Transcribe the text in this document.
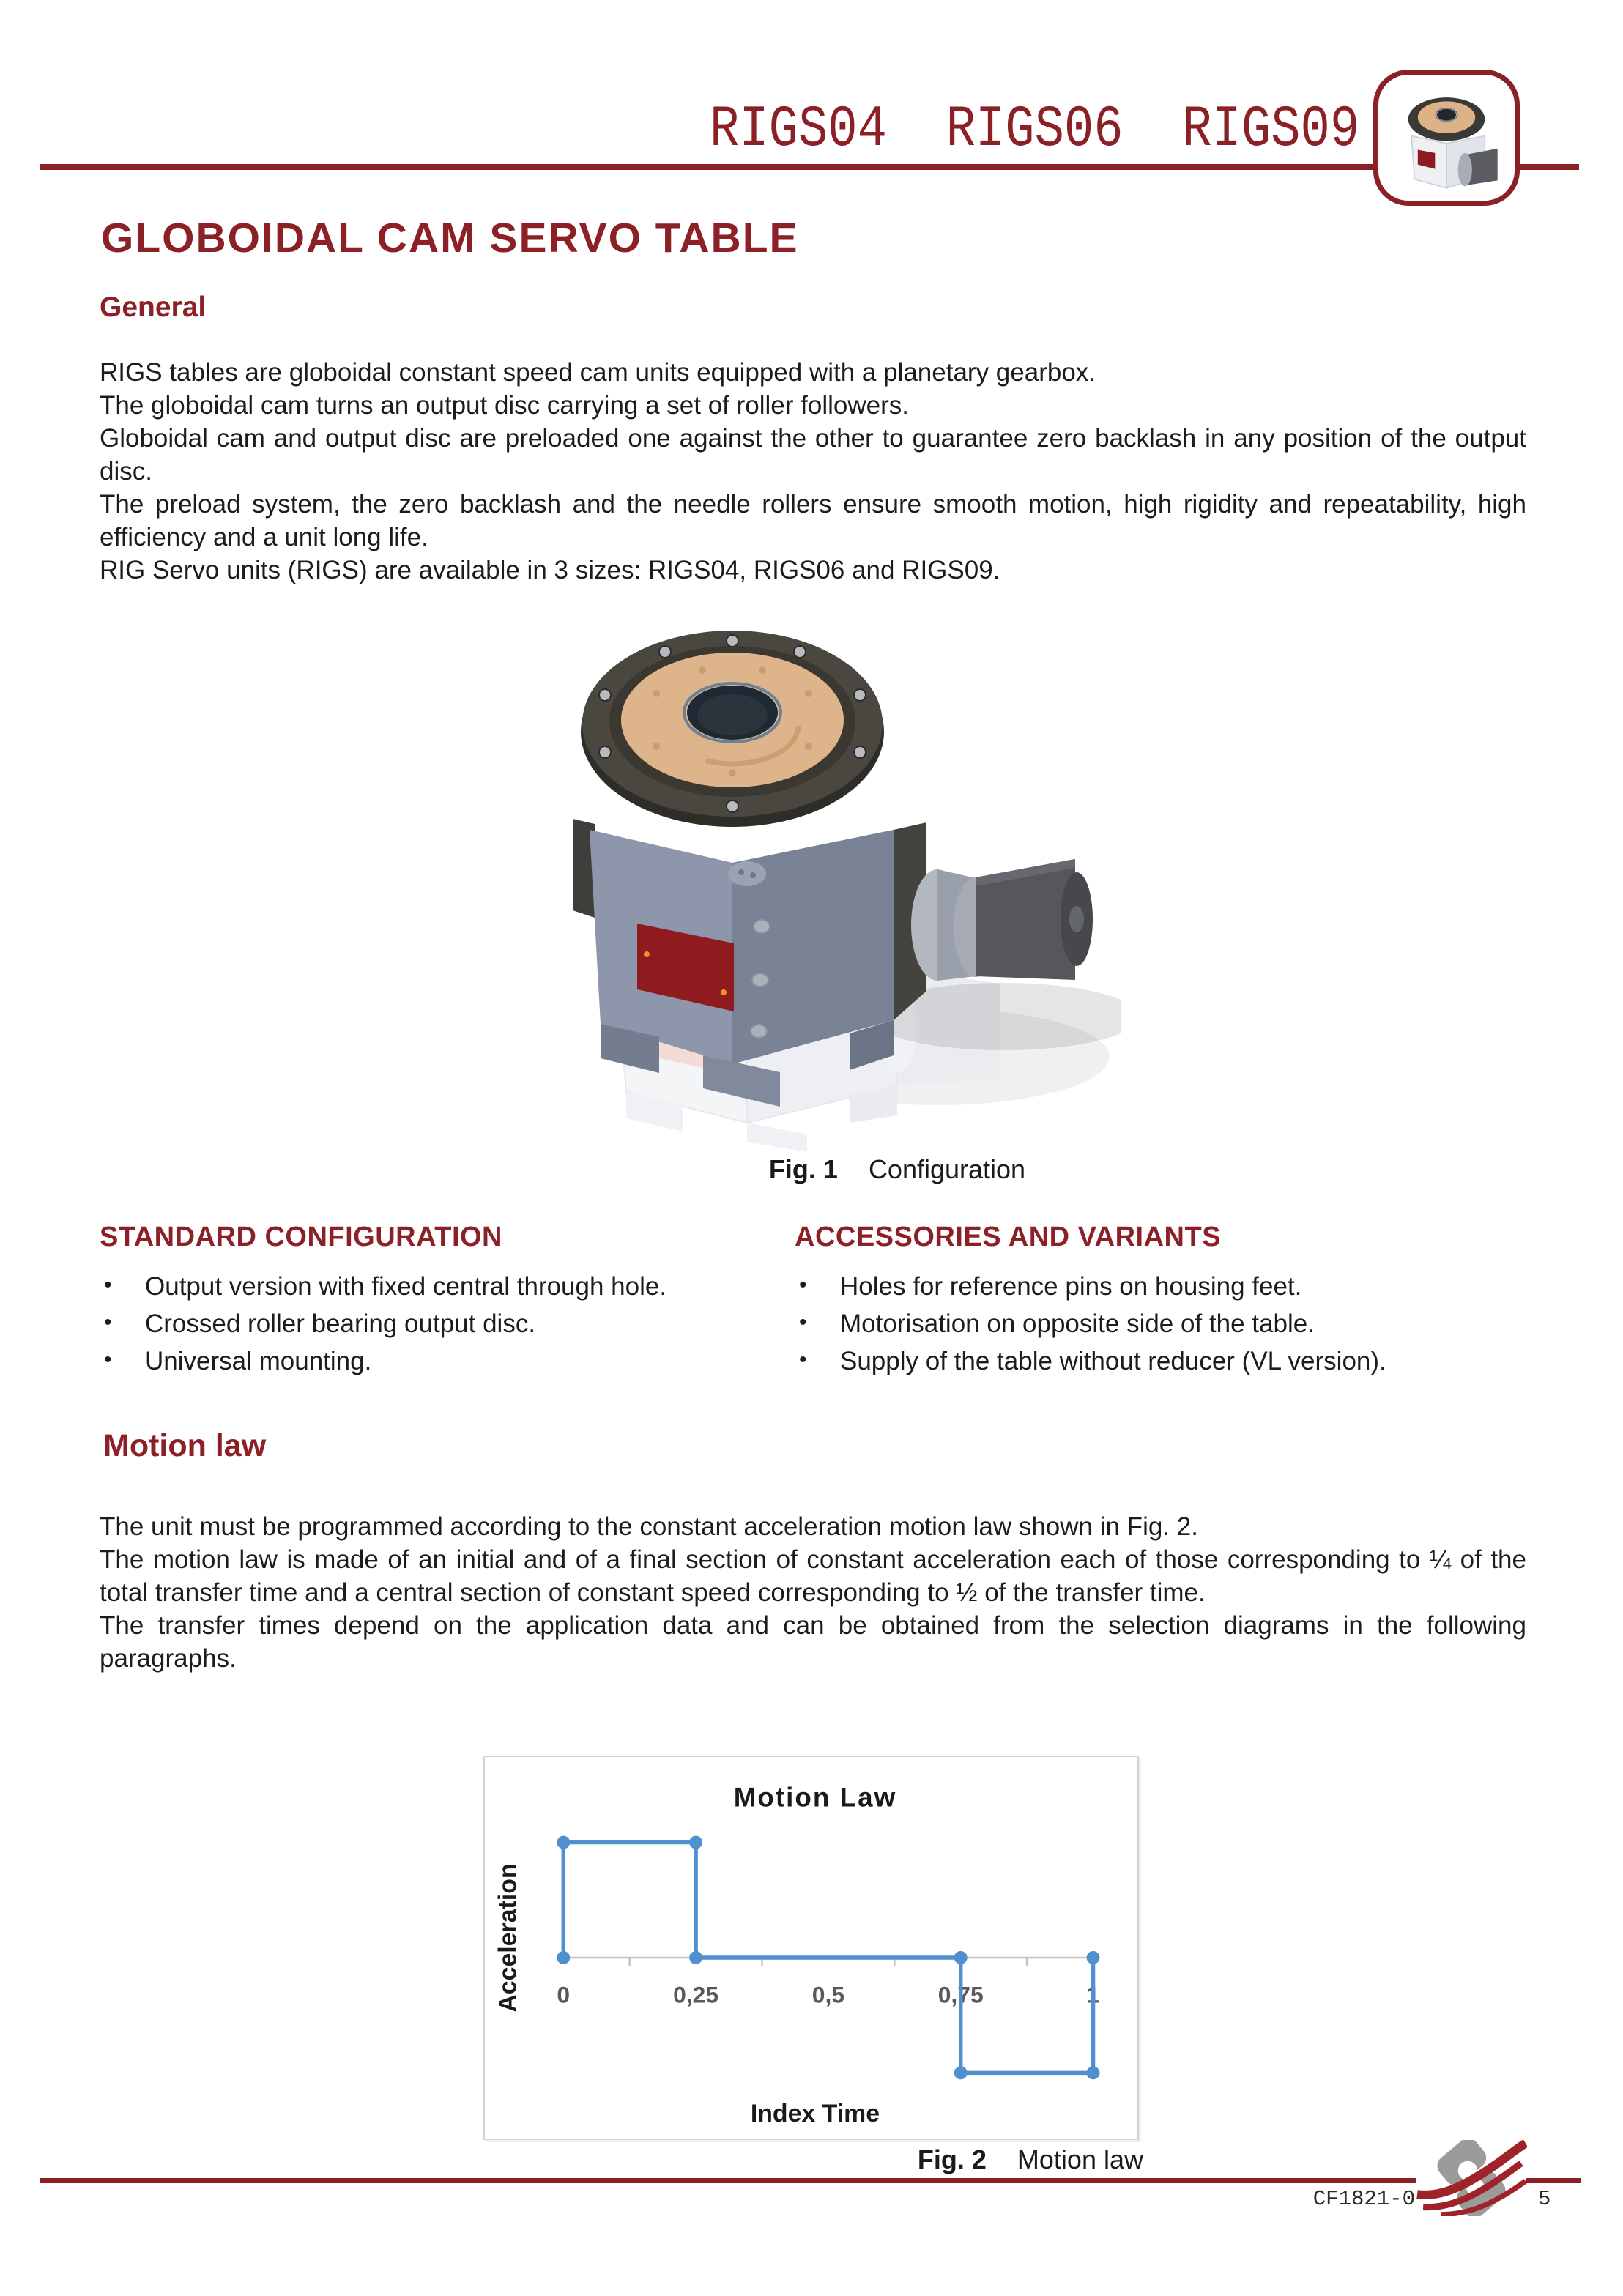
RIGS04  RIGS06  RIGS09
GLOBOIDAL CAM SERVO TABLE
General

RIGS tables are globoidal constant speed cam units equipped with a planetary gearbox.

The globoidal cam turns an output disc carrying a set of roller followers.

Globoidal cam and output disc are preloaded one against the other to guarantee zero backlash in any position of the output disc.

The preload system, the zero backlash and the needle rollers ensure smooth motion, high rigidity and repeatability, high efficiency and a unit long life.

RIG Servo units (RIGS) are available in 3 sizes: RIGS04, RIGS06 and RIGS09.

Fig. 1 Configuration
STANDARD CONFIGURATION
• Output version with fixed central through hole.
• Crossed roller bearing output disc.
• Universal mounting.
ACCESSORIES AND VARIANTS
• Holes for reference pins on housing feet.
• Motorisation on opposite side of the table.
• Supply of the table without reducer (VL version).
Motion law

The unit must be programmed according to the constant acceleration motion law shown in Fig. 2.

The motion law is made of an initial and of a final section of constant acceleration each of those corresponding to ¼ of the total transfer time and a central section of constant speed corresponding to ½ of the transfer time.

The transfer times depend on the application data and can be obtained from the selection diagrams in the following paragraphs.

0	0,25	0,5	0,75	1
Motion Law
Index Time
Acceleration
Fig. 2 Motion law
CF1821-0	5
